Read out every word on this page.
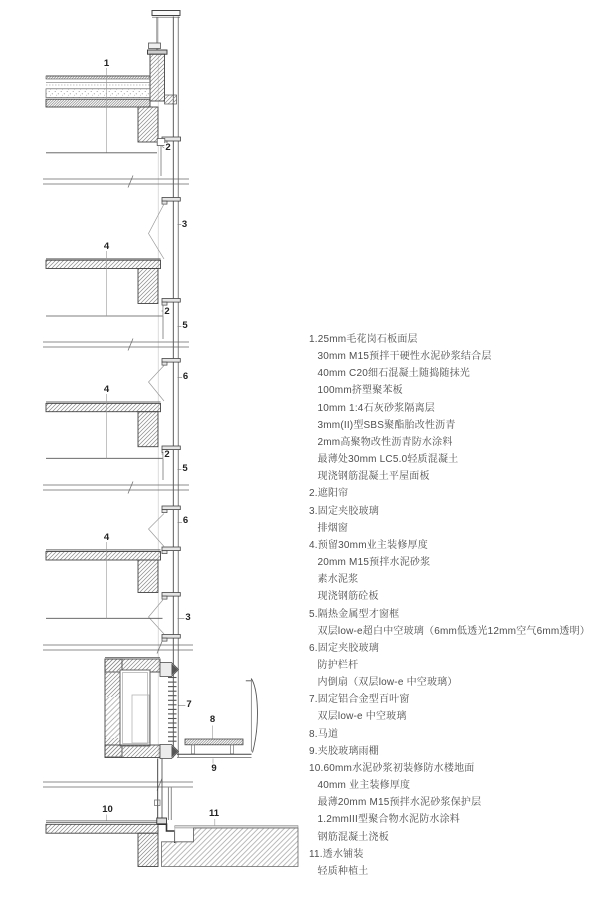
1
2
3
4
2
5
6
4
2
5
6
4
3
7
8
9
10	11
1.25mm毛花岗石板面层
30mm M15预拌干硬性水泥砂浆结合层
40mm C20细石混凝土随捣随抹光
100mm挤塑聚苯板
10mm 1:4石灰砂浆隔离层
3mm(II)型SBS聚酯胎改性沥青
2mm高聚物改性沥青防水涂料
最薄处30mm LC5.0轻质混凝土
现浇钢筋混凝土平屋面板
2.遮阳帘
3.固定夹胶玻璃
排烟窗
4.预留30mm业主装修厚度
20mm M15预拌水泥砂浆
素水泥浆
现浇钢筋砼板
5.隔热金属型才窗框
双层low-e超白中空玻璃（6mm低透光12mm空气6mm透明）
6.固定夹胶玻璃
防护栏杆
内倒扇（双层low-e 中空玻璃）
7.固定铝合金型百叶窗
双层low-e 中空玻璃
8.马道
9.夹胶玻璃雨棚
10.60mm水泥砂浆初装修防水楼地面
40mm 业主装修厚度
最薄20mm M15预拌水泥砂浆保护层
1.2mmIII型聚合物水泥防水涂料
钢筋混凝土浇板
11.透水铺装
轻质种植土
